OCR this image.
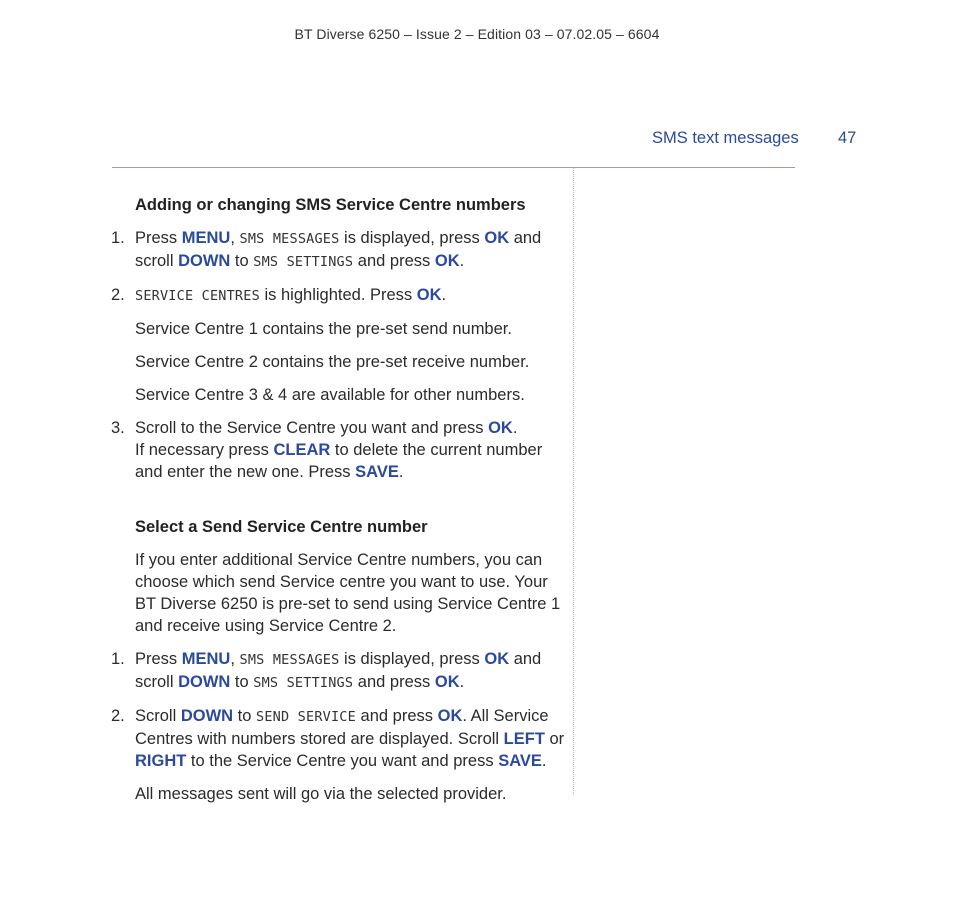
BT Diverse 6250 – Issue 2 – Edition 03 – 07.02.05 – 6604
SMS text messages 47
Adding or changing SMS Service Centre numbers
1. Press MENU, SMS MESSAGES is displayed, press OK and scroll DOWN to SMS SETTINGS and press OK.
2. SERVICE CENTRES is highlighted. Press OK.
Service Centre 1 contains the pre-set send number.
Service Centre 2 contains the pre-set receive number.
Service Centre 3 & 4 are available for other numbers.
3. Scroll to the Service Centre you want and press OK.
If necessary press CLEAR to delete the current number and enter the new one. Press SAVE.
Select a Send Service Centre number
If you enter additional Service Centre numbers, you can choose which send Service centre you want to use. Your BT Diverse 6250 is pre-set to send using Service Centre 1 and receive using Service Centre 2.
1. Press MENU, SMS MESSAGES is displayed, press OK and scroll DOWN to SMS SETTINGS and press OK.
2. Scroll DOWN to SEND SERVICE and press OK. All Service Centres with numbers stored are displayed. Scroll LEFT or RIGHT to the Service Centre you want and press SAVE.
All messages sent will go via the selected provider.
